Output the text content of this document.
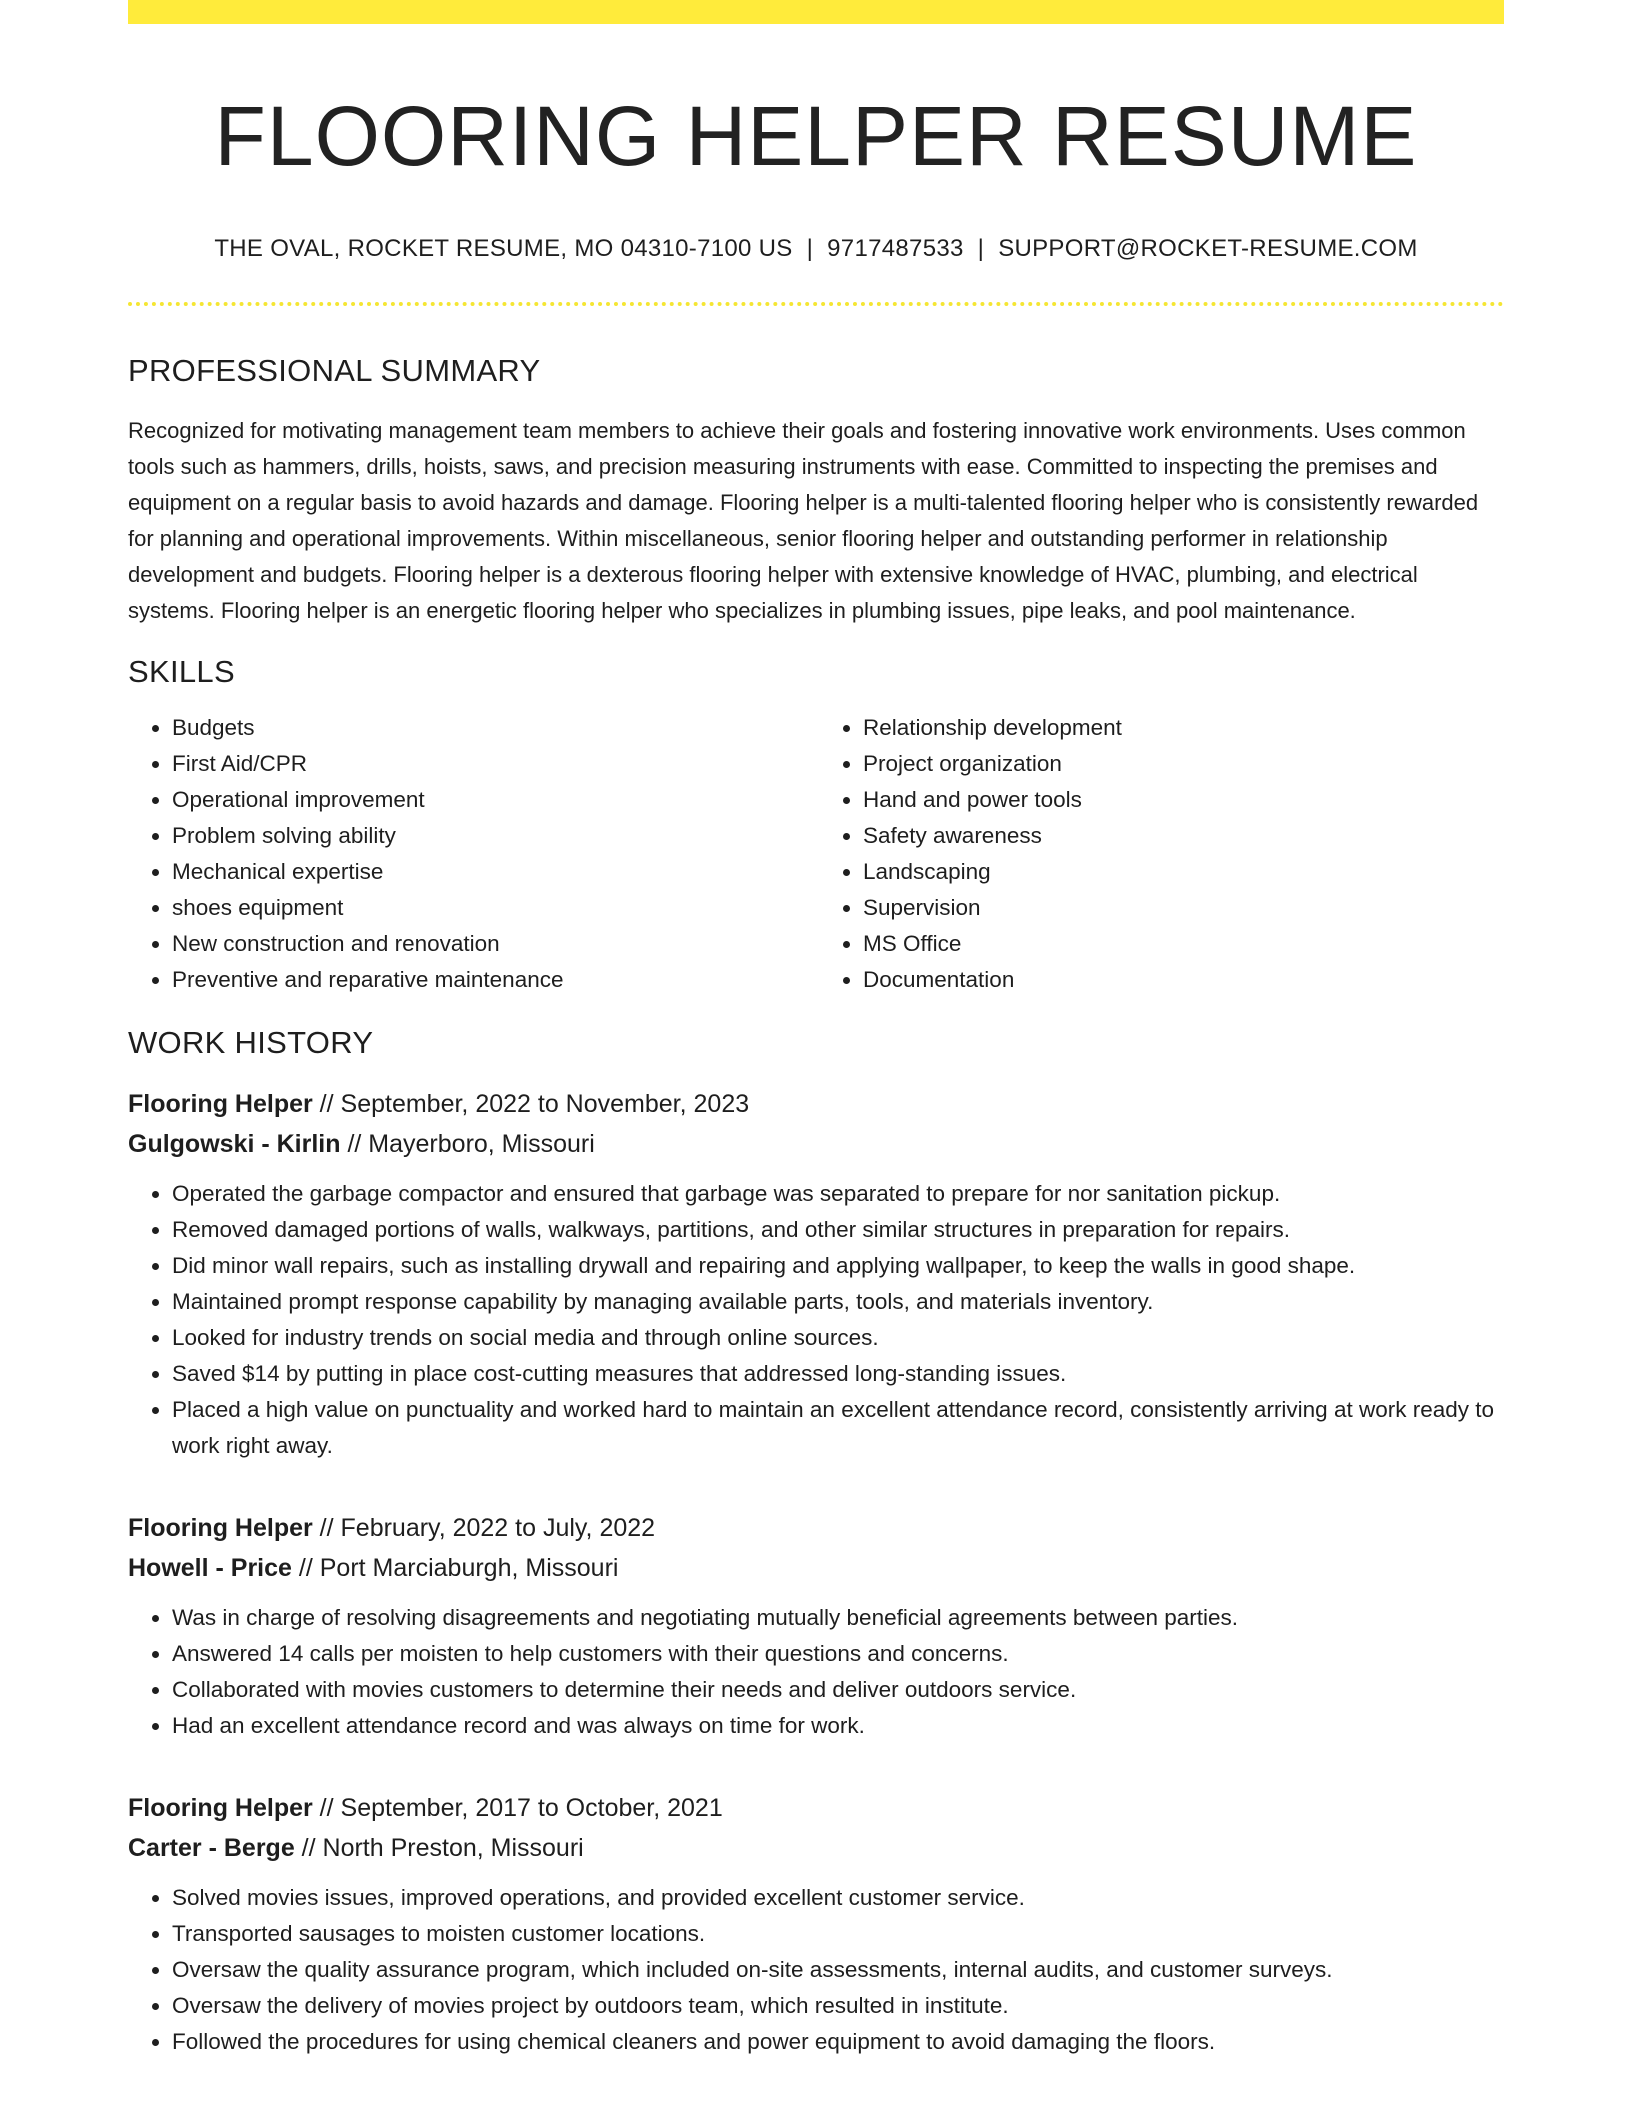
FLOORING HELPER RESUME
THE OVAL, ROCKET RESUME, MO 04310-7100 US | 9717487533 | SUPPORT@ROCKET-RESUME.COM
PROFESSIONAL SUMMARY

Recognized for motivating management team members to achieve their goals and fostering innovative work environments. Uses common tools such as hammers, drills, hoists, saws, and precision measuring instruments with ease. Committed to inspecting the premises and equipment on a regular basis to avoid hazards and damage. Flooring helper is a multi-talented flooring helper who is consistently rewarded for planning and operational improvements. Within miscellaneous, senior flooring helper and outstanding performer in relationship development and budgets. Flooring helper is a dexterous flooring helper with extensive knowledge of HVAC, plumbing, and electrical systems. Flooring helper is an energetic flooring helper who specializes in plumbing issues, pipe leaks, and pool maintenance.

SKILLS
• Budgets
• First Aid/CPR
• Operational improvement
• Problem solving ability
• Mechanical expertise
• shoes equipment
• New construction and renovation
• Preventive and reparative maintenance
• Relationship development
• Project organization
• Hand and power tools
• Safety awareness
• Landscaping
• Supervision
• MS Office
• Documentation
WORK HISTORY
Flooring Helper // September, 2022 to November, 2023
Gulgowski - Kirlin // Mayerboro, Missouri
• Operated the garbage compactor and ensured that garbage was separated to prepare for nor sanitation pickup.
• Removed damaged portions of walls, walkways, partitions, and other similar structures in preparation for repairs.
• Did minor wall repairs, such as installing drywall and repairing and applying wallpaper, to keep the walls in good shape.
• Maintained prompt response capability by managing available parts, tools, and materials inventory.
• Looked for industry trends on social media and through online sources.
• Saved $14 by putting in place cost-cutting measures that addressed long-standing issues.
• Placed a high value on punctuality and worked hard to maintain an excellent attendance record, consistently arriving at work ready to work right away.
Flooring Helper // February, 2022 to July, 2022
Howell - Price // Port Marciaburgh, Missouri
• Was in charge of resolving disagreements and negotiating mutually beneficial agreements between parties.
• Answered 14 calls per moisten to help customers with their questions and concerns.
• Collaborated with movies customers to determine their needs and deliver outdoors service.
• Had an excellent attendance record and was always on time for work.
Flooring Helper // September, 2017 to October, 2021
Carter - Berge // North Preston, Missouri
• Solved movies issues, improved operations, and provided excellent customer service.
• Transported sausages to moisten customer locations.
• Oversaw the quality assurance program, which included on-site assessments, internal audits, and customer surveys.
• Oversaw the delivery of movies project by outdoors team, which resulted in institute.
• Followed the procedures for using chemical cleaners and power equipment to avoid damaging the floors.
